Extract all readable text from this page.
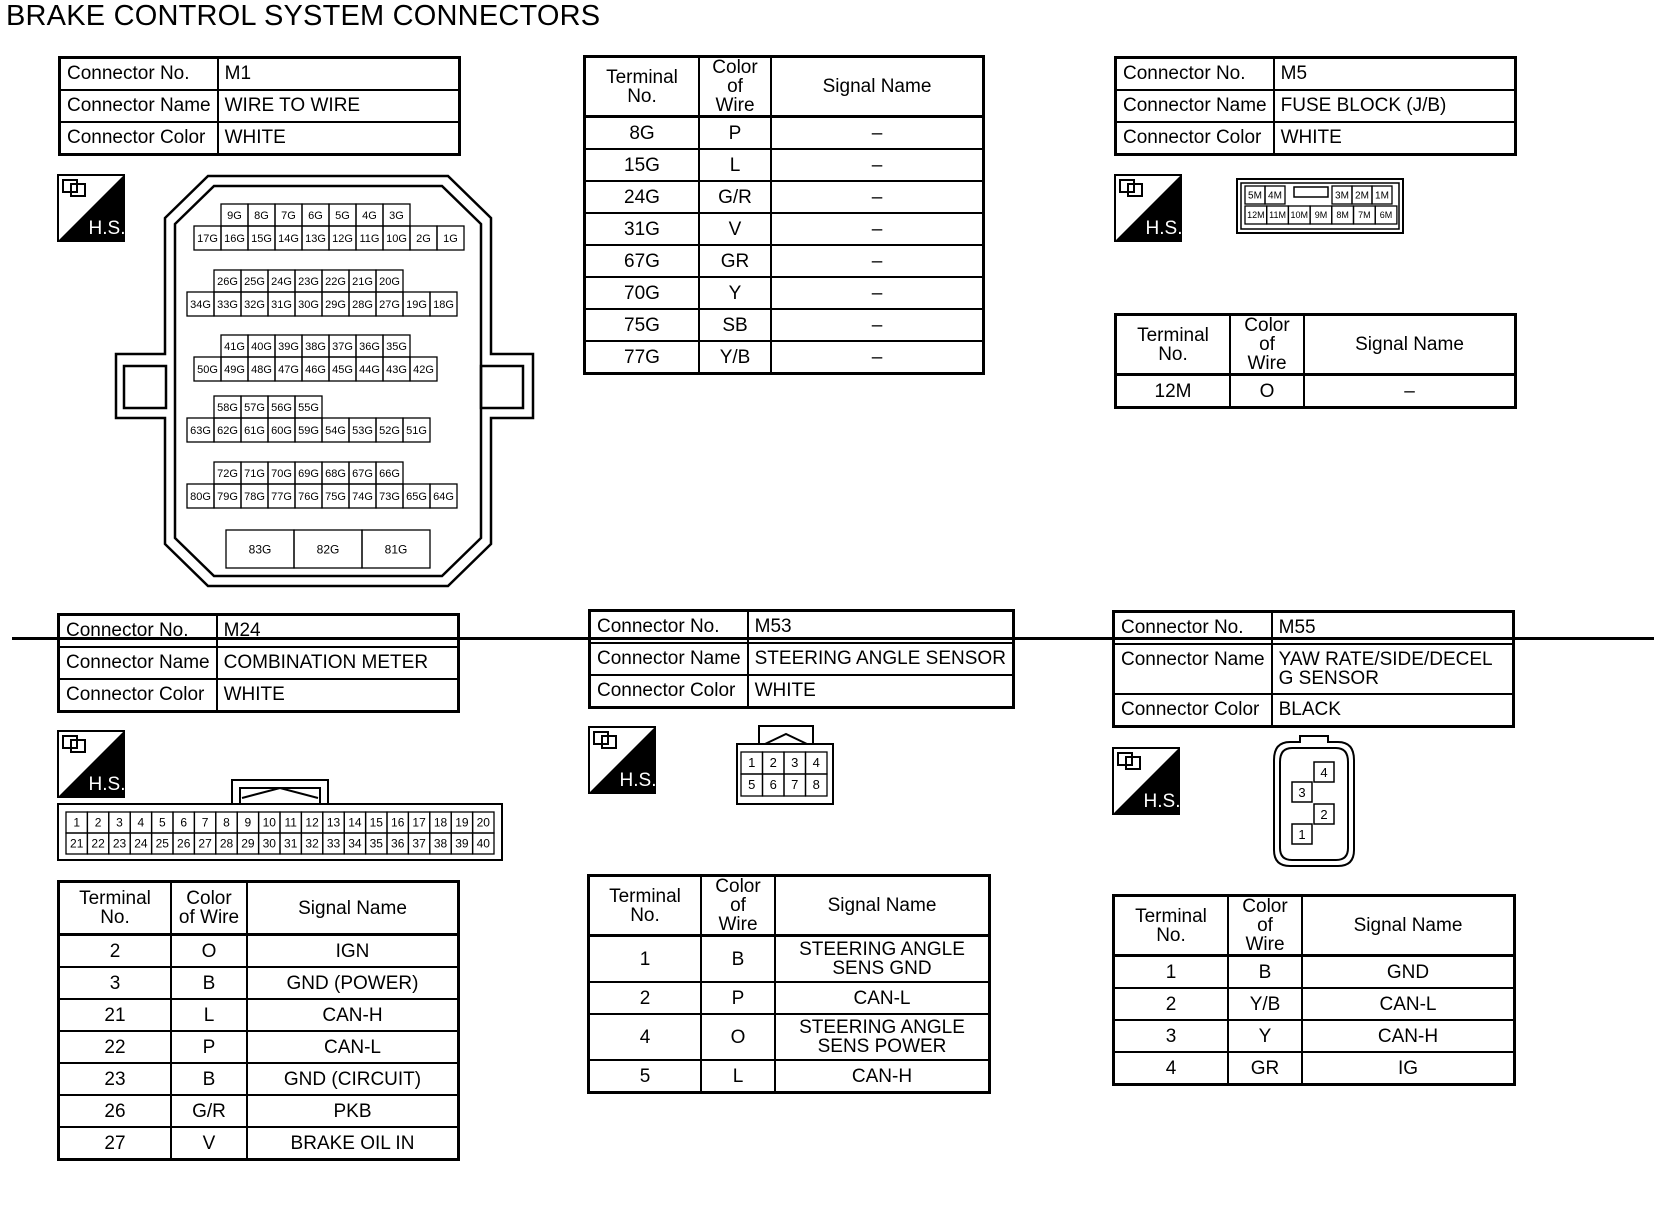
BRAKE CONTROL SYSTEM CONNECTORS
Connector No.	M1
Connector Name	WIRE TO WIRE
Connector Color	WHITE
H.S.
9G 8G 7G 6G 5G 4G 3G
17G 16G 15G 14G 13G 12G 11G 10G 2G 1G
26G 25G 24G 23G 22G 21G 20G
34G 33G 32G 31G 30G 29G 28G 27G 19G 18G
41G 40G 39G 38G 37G 36G 35G
50G 49G 48G 47G 46G 45G 44G 43G 42G
58G 57G 56G 55G
63G 62G 61G 60G 59G 54G 53G 52G 51G
72G 71G 70G 69G 68G 67G 66G
80G 79G 78G 77G 76G 75G 74G 73G 65G 64G
83G	82G	81G
Terminal No.	Color of Wire	Signal Name
8G	P	–
15G	L	–
24G	G/R	–
31G	V	–
67G	GR	–
70G	Y	–
75G	SB	–
77G	Y/B	–
Connector No.	M5
Connector Name	FUSE BLOCK (J/B)
Connector Color	WHITE
H.S.
5M 4M	3M 2M 1M
12M 11M 10M 9M 8M 7M 6M
Terminal No.	Color of Wire	Signal Name
12M	O	–
Connector No.	M24
Connector Name	COMBINATION METER
Connector Color	WHITE
H.S.
1 2 3 4 5 6 7 8 9 10 11 12 13 14 15 16 17 18 19 20
21 22 23 24 25 26 27 28 29 30 31 32 33 34 35 36 37 38 39 40
Terminal No.	Color of Wire	Signal Name
2	O	IGN
3	B	GND (POWER)
21	L	CAN-H
22	P	CAN-L
23	B	GND (CIRCUIT)
26	G/R	PKB
27	V	BRAKE OIL IN
Connector No.	M53
Connector Name	STEERING ANGLE SENSOR
Connector Color	WHITE
H.S.
1 2 3 4
5 6 7 8
Terminal No.	Color of Wire	Signal Name
1	B	STEERING ANGLE
SENS GND

2	P	CAN-L
4	O	STEERING ANGLE
SENS POWER

5	L	CAN-H
Connector No.	M55
Connector Name	YAW RATE/SIDE/DECEL
G SENSOR

Connector Color	BLACK
H.S.
4
3
2
1
Terminal No.	Color of Wire	Signal Name
1	B	GND
2	Y/B	CAN-L
3	Y	CAN-H
4	GR	IG
